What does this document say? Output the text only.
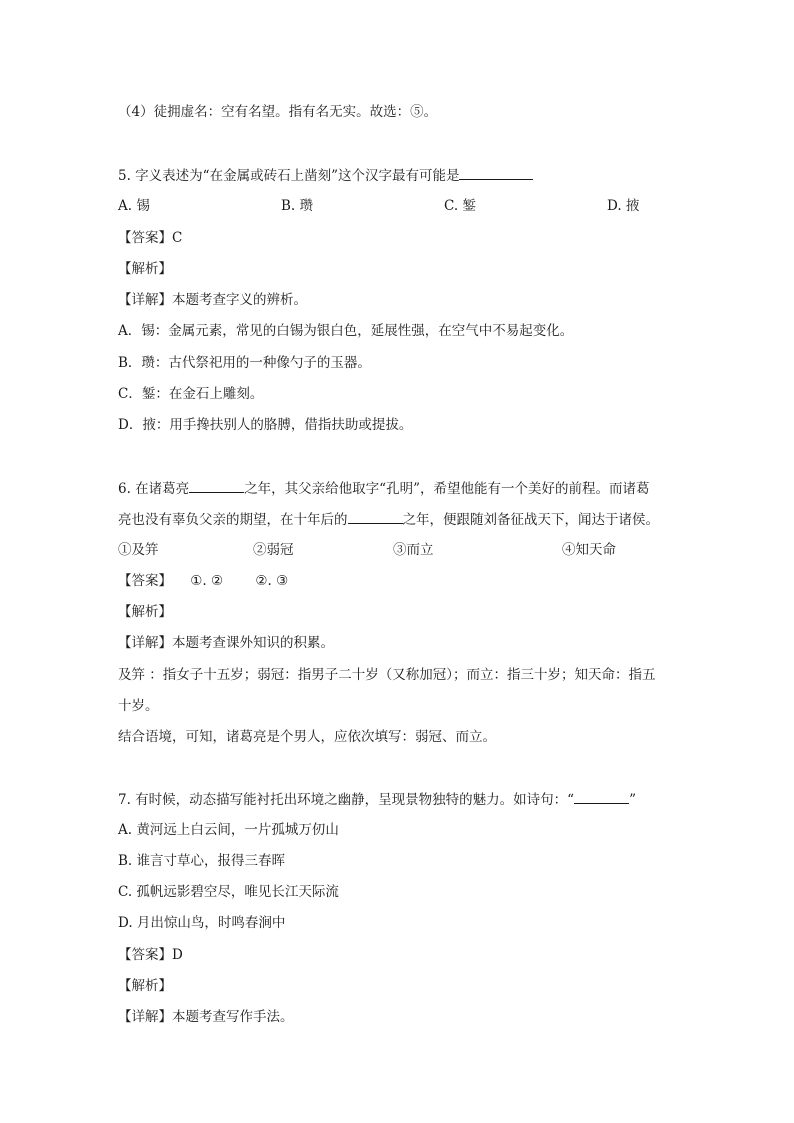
（4）徒拥虚名：空有名望。指有名无实。故选：⑤。
5. 字义表述为“在金属或砖石上凿刻”这个汉字最有可能是
A. 锡	B. 瓒	C. 錾	D. 掖
【答案】C
【解析】
【详解】本题考查字义的辨析。
A．锡：金属元素，常见的白锡为银白色，延展性强，在空气中不易起变化。
B．瓒：古代祭祀用的一种像勺子的玉器。
C．錾：在金石上雕刻。
D．掖：用手搀扶别人的胳膊，借指扶助或提拔。
6. 在诸葛亮	之年，其父亲给他取字“孔明”，希望他能有一个美好的前程。而诸葛
亮也没有辜负父亲的期望，在十年后的	之年，便跟随刘备征战天下，闻达于诸侯。
①及笄	②弱冠	③而立	④知天命
【答案】 ①. ② ②. ③
【解析】
【详解】本题考查课外知识的积累。
及笄 ：指女子十五岁；弱冠：指男子二十岁（又称加冠）；而立：指三十岁；知天命：指五
十岁。
结合语境，可知，诸葛亮是个男人，应依次填写：弱冠、而立。
7. 有时候，动态描写能衬托出环境之幽静，呈现景物独特的魅力。如诗句：“	”
A. 黄河远上白云间，一片孤城万仞山
B. 谁言寸草心，报得三春晖
C. 孤帆远影碧空尽，唯见长江天际流
D. 月出惊山鸟，时鸣春涧中
【答案】D
【解析】
【详解】本题考查写作手法。
